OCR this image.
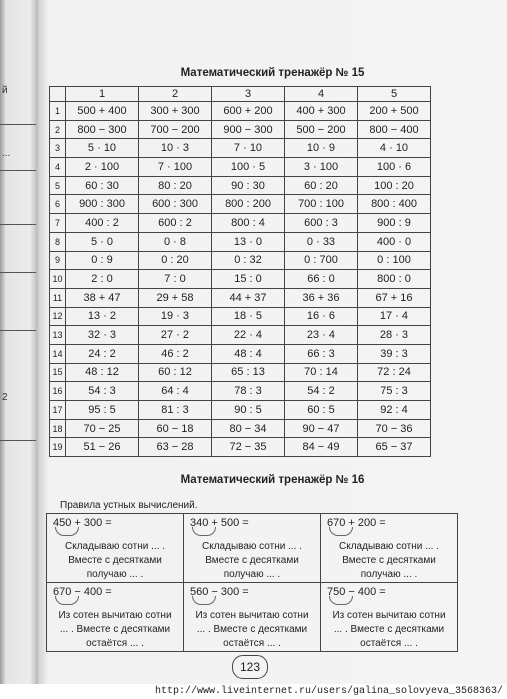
й
...
2
Математический тренажёр № 15
	1	2	3	4	5
1	500 + 400	300 + 300	600 + 200	400 + 300	200 + 500
2	800 − 300	700 − 200	900 − 300	500 − 200	800 − 400
3	5 · 10	10 · 3	7 · 10	10 · 9	4 · 10
4	2 · 100	7 · 100	100 · 5	3 · 100	100 · 6
5	60 : 30	80 : 20	90 : 30	60 : 20	100 : 20
6	900 : 300	600 : 300	800 : 200	700 : 100	800 : 400
7	400 : 2	600 : 2	800 : 4	600 : 3	900 : 9
8	5 · 0	0 · 8	13 · 0	0 · 33	400 · 0
9	0 : 9	0 : 20	0 : 32	0 : 700	0 : 100
10	2 : 0	7 : 0	15 : 0	66 : 0	800 : 0
11	38 + 47	29 + 58	44 + 37	36 + 36	67 + 16
12	13 · 2	19 · 3	18 · 5	16 · 6	17 · 4
13	32 · 3	27 · 2	22 · 4	23 · 4	28 · 3
14	24 : 2	46 : 2	48 : 4	66 : 3	39 : 3
15	48 : 12	60 : 12	65 : 13	70 : 14	72 : 24
16	54 : 3	64 : 4	78 : 3	54 : 2	75 : 3
17	95 : 5	81 : 3	90 : 5	60 : 5	92 : 4
18	70 − 25	60 − 18	80 − 34	90 − 47	70 − 36
19	51 − 26	63 − 28	72 − 35	84 − 49	65 − 37
Математический тренажёр № 16
Правила устных вычислений.
450 + 300 =
Складываю сотни ... .
Вместе с десятками
получаю ... .	340 + 500 =
Складываю сотни ... .
Вместе с десятками
получаю ... .	670 + 200 =
Складываю сотни ... .
Вместе с десятками
получаю ... .

670 − 400 =
Из сотен вычитаю сотни
... . Вместе с десятками
остаётся ... .	560 − 300 =
Из сотен вычитаю сотни
... . Вместе с десятками
остаётся ... .	750 − 400 =
Из сотен вычитаю сотни
... . Вместе с десятками
остаётся ... .
123
http://www.liveinternet.ru/users/galina_solovyeva_3568363/
